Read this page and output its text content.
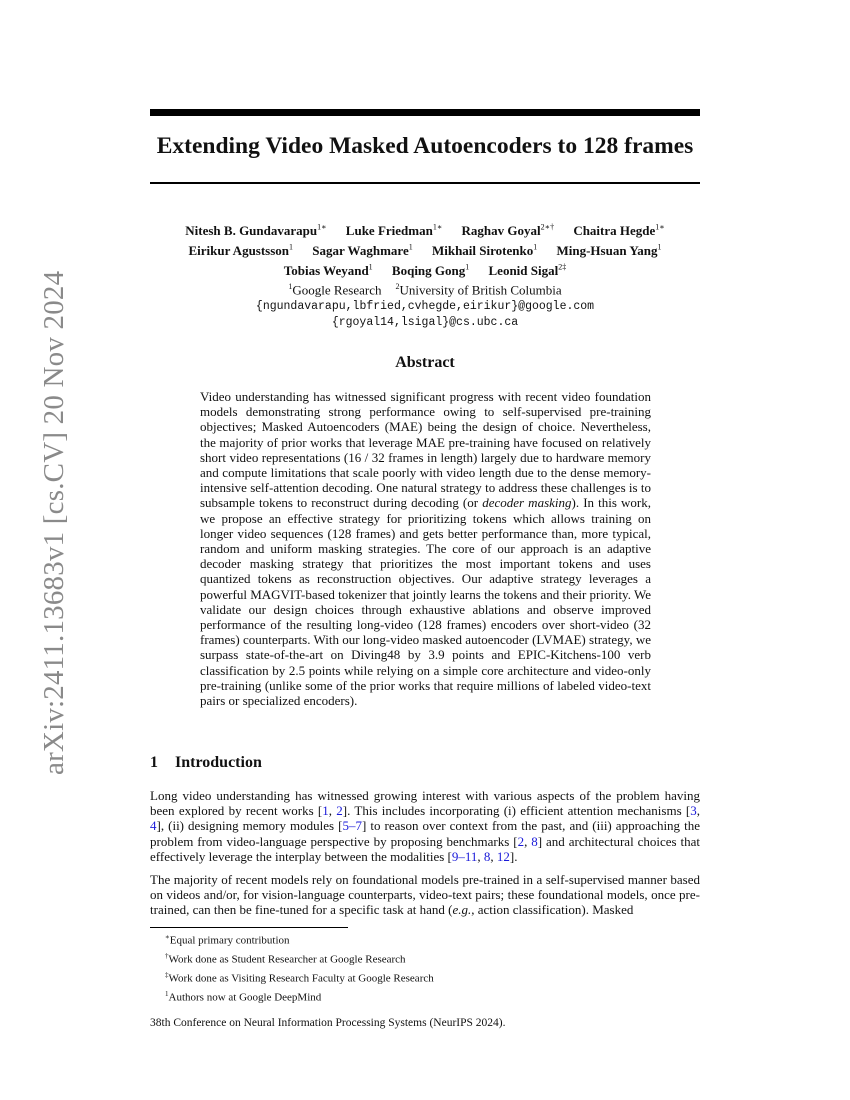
arXiv:2411.13683v1 [cs.CV] 20 Nov 2024
Extending Video Masked Autoencoders to 128 frames
Nitesh B. Gundavarapu$^{1∗}$ Luke Friedman$^{1∗}$ Raghav Goyal$^{2∗\dagger}$ Chaitra Hegde$^{1∗}$
Eirikur Agustsson$^1$ Sagar Waghmare$^1$ Mikhail Sirotenko$^1$ Ming-Hsuan Yang$^1$
Tobias Weyand$^1$ Boqing Gong$^1$ Leonid Sigal$^{2\ddagger}$
$^1$Google Research $^2$University of British Columbia
{ngundavarapu,lbfried,cvhegde,eirikur}@google.com
{rgoyal14,lsigal}@cs.ubc.ca
Abstract
Video understanding has witnessed significant progress with recent video foundation models demonstrating strong performance owing to self-supervised pre-training objectives; Masked Autoencoders (MAE) being the design of choice. Nevertheless, the majority of prior works that leverage MAE pre-training have focused on relatively short video representations (16 / 32 frames in length) largely due to hardware memory and compute limitations that scale poorly with video length due to the dense memory-intensive self-attention decoding. One natural strategy to address these challenges is to subsample tokens to reconstruct during decoding (or decoder masking). In this work, we propose an effective strategy for prioritizing tokens which allows training on longer video sequences (128 frames) and gets better performance than, more typical, random and uniform masking strategies. The core of our approach is an adaptive decoder masking strategy that prioritizes the most important tokens and uses quantized tokens as reconstruction objectives. Our adaptive strategy leverages a powerful MAGVIT-based tokenizer that jointly learns the tokens and their priority. We validate our design choices through exhaustive ablations and observe improved performance of the resulting long-video (128 frames) encoders over short-video (32 frames) counterparts. With our long-video masked autoencoder (LVMAE) strategy, we surpass state-of-the-art on Diving48 by 3.9 points and EPIC-Kitchens-100 verb classification by 2.5 points while relying on a simple core architecture and video-only pre-training (unlike some of the prior works that require millions of labeled video-text pairs or specialized encoders).
1 Introduction
Long video understanding has witnessed growing interest with various aspects of the problem having been explored by recent works [1, 2]. This includes incorporating (i) efficient attention mechanisms [3, 4], (ii) designing memory modules [5–7] to reason over context from the past, and (iii) approaching the problem from video-language perspective by proposing benchmarks [2, 8] and architectural choices that effectively leverage the interplay between the modalities [9–11, 8, 12].
The majority of recent models rely on foundational models pre-trained in a self-supervised manner based on videos and/or, for vision-language counterparts, video-text pairs; these foundational models, once pre-trained, can then be fine-tuned for a specific task at hand (e.g., action classification). Masked
∗Equal primary contribution
†Work done as Student Researcher at Google Research
‡Work done as Visiting Research Faculty at Google Research
$^1$Authors now at Google DeepMind
38th Conference on Neural Information Processing Systems (NeurIPS 2024).
